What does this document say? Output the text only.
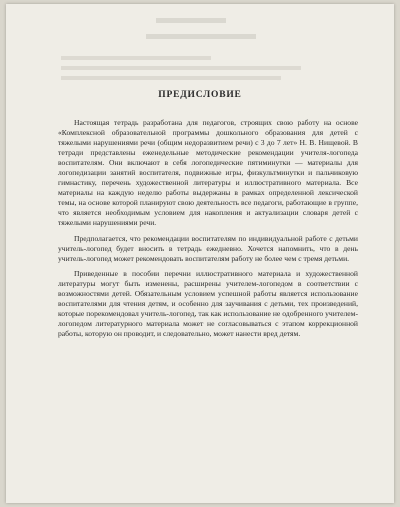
ПРЕДИСЛОВИЕ

Настоящая тетрадь разработана для педагогов, строящих свою работу на основе «Комплексной образовательной программы дошкольного образования для детей с тяжелыми нарушениями речи (общим недоразвитием речи) с 3 до 7 лет» Н. В. Нищевой. В тетради представлены еженедельные методические рекомендации учителя-логопеда воспитателям. Они включают в себя логопедические пятиминутки — материалы для логопедизации занятий воспитателя, подвижные игры, физкультминутки и пальчиковую гимнастику, перечень художественной литературы и иллюстративного материала. Все материалы на каждую неделю работы выдержаны в рамках определенной лексической темы, на основе которой планируют свою деятельность все педагоги, работающие в группе, что является необходимым условием для накопления и актуализации словаря детей с тяжелыми нарушениями речи.

Предполагается, что рекомендации воспитателям по индивидуальной работе с детьми учитель-логопед будет вносить в тетрадь ежедневно. Хочется напомнить, что в день учитель-логопед может рекомендовать воспитателям работу не более чем с тремя детьми.

Приведенные в пособии перечни иллюстративного материала и художественной литературы могут быть изменены, расширены учителем-логопедом в соответствии с возможностями детей. Обязательным условием успешной работы является использование воспитателями для чтения детям, и особенно для заучивания с детьми, тех произведений, которые порекомендовал учитель-логопед, так как использование не одобренного учителем-логопедом литературного материала может не согласовываться с этапом коррекционной работы, которую он проводит, и следовательно, может нанести вред детям.
